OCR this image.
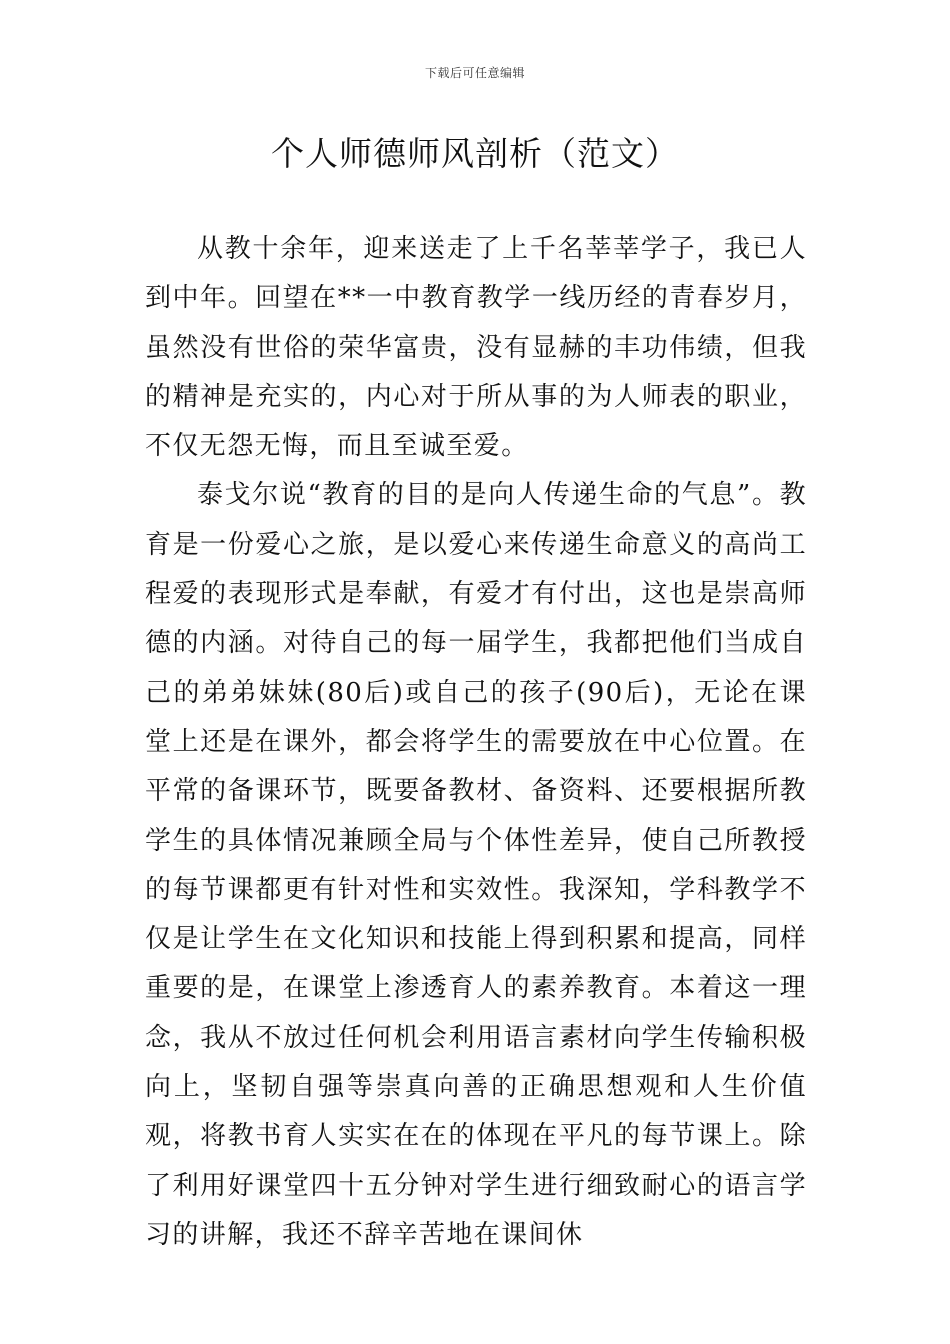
下载后可任意编辑
个人师德师风剖析（范文）

从教十余年，迎来送走了上千名莘莘学子，我已人到中年。回望在**一中教育教学一线历经的青春岁月，虽然没有世俗的荣华富贵，没有显赫的丰功伟绩，但我的精神是充实的，内心对于所从事的为人师表的职业，不仅无怨无悔，而且至诚至爱。

泰戈尔说“教育的目的是向人传递生命的气息”。教育是一份爱心之旅，是以爱心来传递生命意义的高尚工程爱的表现形式是奉献，有爱才有付出，这也是崇高师德的内涵。对待自己的每一届学生，我都把他们当成自己的弟弟妹妹(80后)或自己的孩子(90后)，无论在课堂上还是在课外，都会将学生的需要放在中心位置。在平常的备课环节，既要备教材、备资料、还要根据所教学生的具体情况兼顾全局与个体性差异，使自己所教授的每节课都更有针对性和实效性。我深知，学科教学不仅是让学生在文化知识和技能上得到积累和提高，同样重要的是，在课堂上渗透育人的素养教育。本着这一理念，我从不放过任何机会利用语言素材向学生传输积极向上，坚韧自强等崇真向善的正确思想观和人生价值观，将教书育人实实在在的体现在平凡的每节课上。除了利用好课堂四十五分钟对学生进行细致耐心的语言学习的讲解，我还不辞辛苦地在课间休
